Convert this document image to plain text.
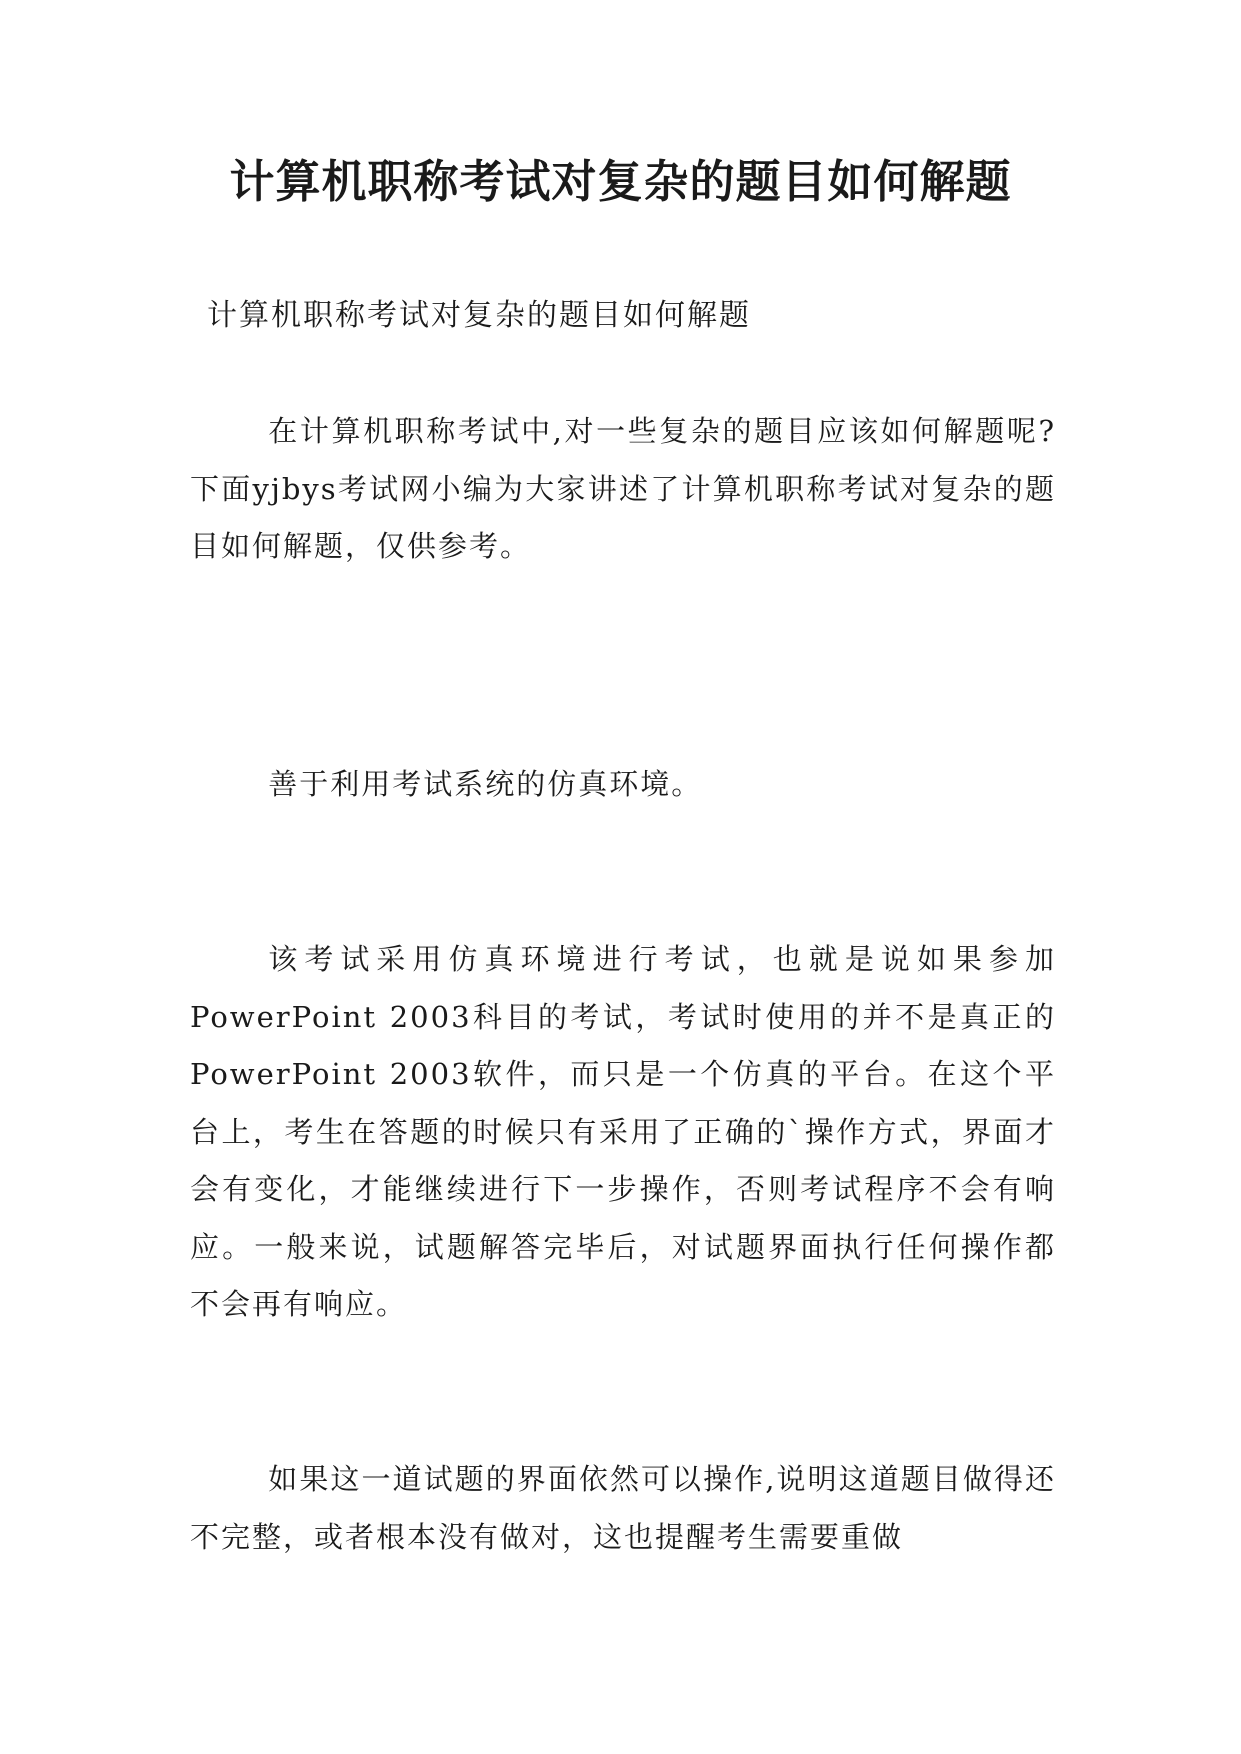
计算机职称考试对复杂的题目如何解题

计算机职称考试对复杂的题目如何解题

在计算机职称考试中,对一些复杂的题目应该如何解题呢?下面yjbys考试网小编为大家讲述了计算机职称考试对复杂的题目如何解题，仅供参考。

善于利用考试系统的仿真环境。

该考试采用仿真环境进行考试，也就是说如果参加PowerPoint 2003科目的考试，考试时使用的并不是真正的PowerPoint 2003软件，而只是一个仿真的平台。在这个平台上，考生在答题的时候只有采用了正确的`操作方式，界面才会有变化，才能继续进行下一步操作，否则考试程序不会有响应。一般来说，试题解答完毕后，对试题界面执行任何操作都不会再有响应。

如果这一道试题的界面依然可以操作,说明这道题目做得还不完整，或者根本没有做对，这也提醒考生需要重做
